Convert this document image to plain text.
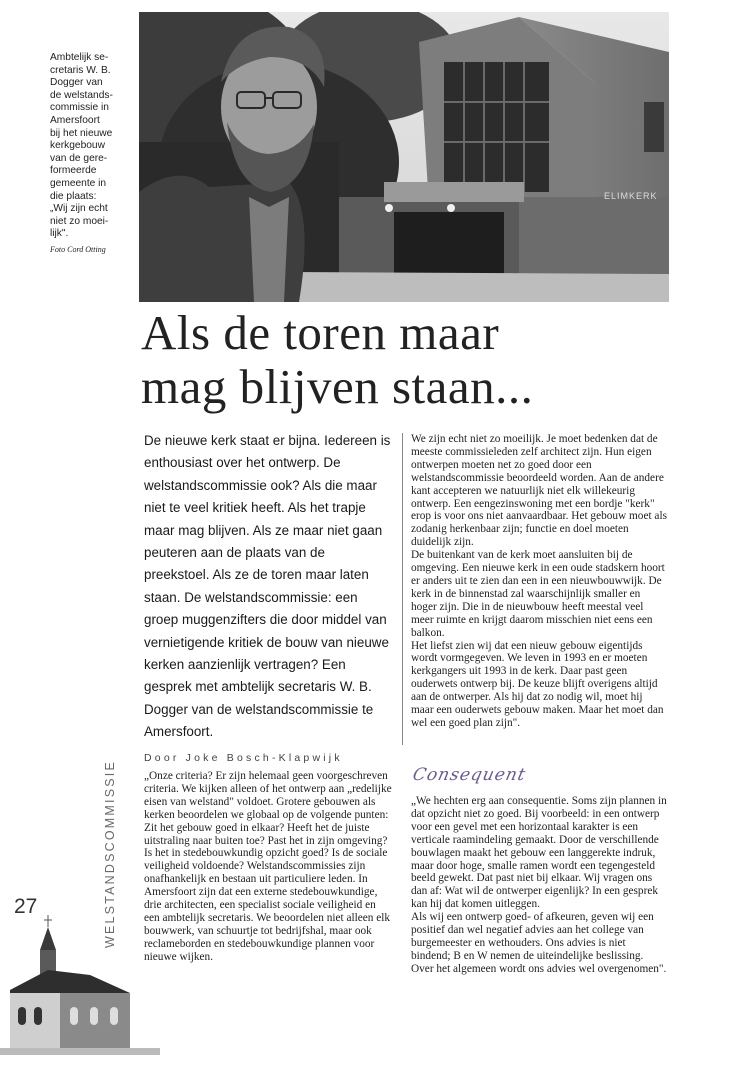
Ambtelijk se-
cretaris W. B.
Dogger van
de welstands-
commissie in
Amersfoort
bij het nieuwe
kerkgebouw
van de gere-
formeerde
gemeente in
die plaats:
„Wij zijn echt
niet zo moei-
lijk".
Foto Cord Otting
ELIMKERK
Als de toren maar
mag blijven staan...

De nieuwe kerk staat er bijna. Iedereen is enthousiast over het ontwerp. De welstandscommissie ook? Als die maar niet te veel kritiek heeft. Als het trapje maar mag blijven. Als ze maar niet gaan peuteren aan de plaats van de preekstoel. Als ze de toren maar laten staan. De welstandscommissie: een groep muggenzifters die door middel van vernietigende kritiek de bouw van nieuwe kerken aanzienlijk vertragen? Een gesprek met ambtelijk secretaris W. B. Dogger van de welstandscommissie te Amersfoort.

Door Joke Bosch-Klapwijk

„Onze criteria? Er zijn helemaal geen voorgeschreven criteria. We kijken alleen of het ontwerp aan „redelijke eisen van welstand" voldoet. Grotere gebouwen als kerken beoordelen we globaal op de volgende punten: Zit het gebouw goed in elkaar? Heeft het de juiste uitstraling naar buiten toe? Past het in zijn omgeving? Is het in stedebouwkundig opzicht goed? Is de sociale veiligheid voldoende? Welstandscommissies zijn onafhankelijk en bestaan uit particuliere leden. In Amersfoort zijn dat een externe stedebouwkundige, drie architecten, een specialist sociale veiligheid en een ambtelijk secretaris. We beoordelen niet alleen elk bouwwerk, van schuurtje tot bedrijfshal, maar ook reclameborden en stedebouwkundige plannen voor nieuwe wijken.

We zijn echt niet zo moeilijk. Je moet bedenken dat de meeste commissieleden zelf architect zijn. Hun eigen ontwerpen moeten net zo goed door een welstandscommissie beoordeeld worden. Aan de andere kant accepteren we natuurlijk niet elk willekeurig ontwerp. Een eengezinswoning met een bordje "kerk" erop is voor ons niet aanvaardbaar. Het gebouw moet als zodanig herkenbaar zijn; functie en doel moeten duidelijk zijn.

De buitenkant van de kerk moet aansluiten bij de omgeving. Een nieuwe kerk in een oude stadskern hoort er anders uit te zien dan een in een nieuwbouwwijk. De kerk in de binnenstad zal waarschijnlijk smaller en hoger zijn. Die in de nieuwbouw heeft meestal veel meer ruimte en krijgt daarom misschien niet eens een balkon.

Het liefst zien wij dat een nieuw gebouw eigentijds wordt vormgegeven. We leven in 1993 en er moeten kerkgangers uit 1993 in de kerk. Daar past geen ouderwets ontwerp bij. De keuze blijft overigens altijd aan de ontwerper. Als hij dat zo nodig wil, moet hij maar een ouderwets gebouw maken. Maar het moet dan wel een goed plan zijn".

Consequent

„We hechten erg aan consequentie. Soms zijn plannen in dat opzicht niet zo goed. Bij voorbeeld: in een ontwerp voor een gevel met een horizontaal karakter is een verticale raamindeling gemaakt. Door de verschillende bouwlagen maakt het gebouw een langgerekte indruk, maar door hoge, smalle ramen wordt een tegengesteld beeld gewekt. Dat past niet bij elkaar. Wij vragen ons dan af: Wat wil de ontwerper eigenlijk? In een gesprek kan hij dat komen uitleggen.

Als wij een ontwerp goed- of afkeuren, geven wij een positief dan wel negatief advies aan het college van burgemeester en wethouders. Ons advies is niet bindend; B en W nemen de uiteindelijke beslissing. Over het algemeen wordt ons advies wel overgenomen".

WELSTANDSCOMMISSIE
27
